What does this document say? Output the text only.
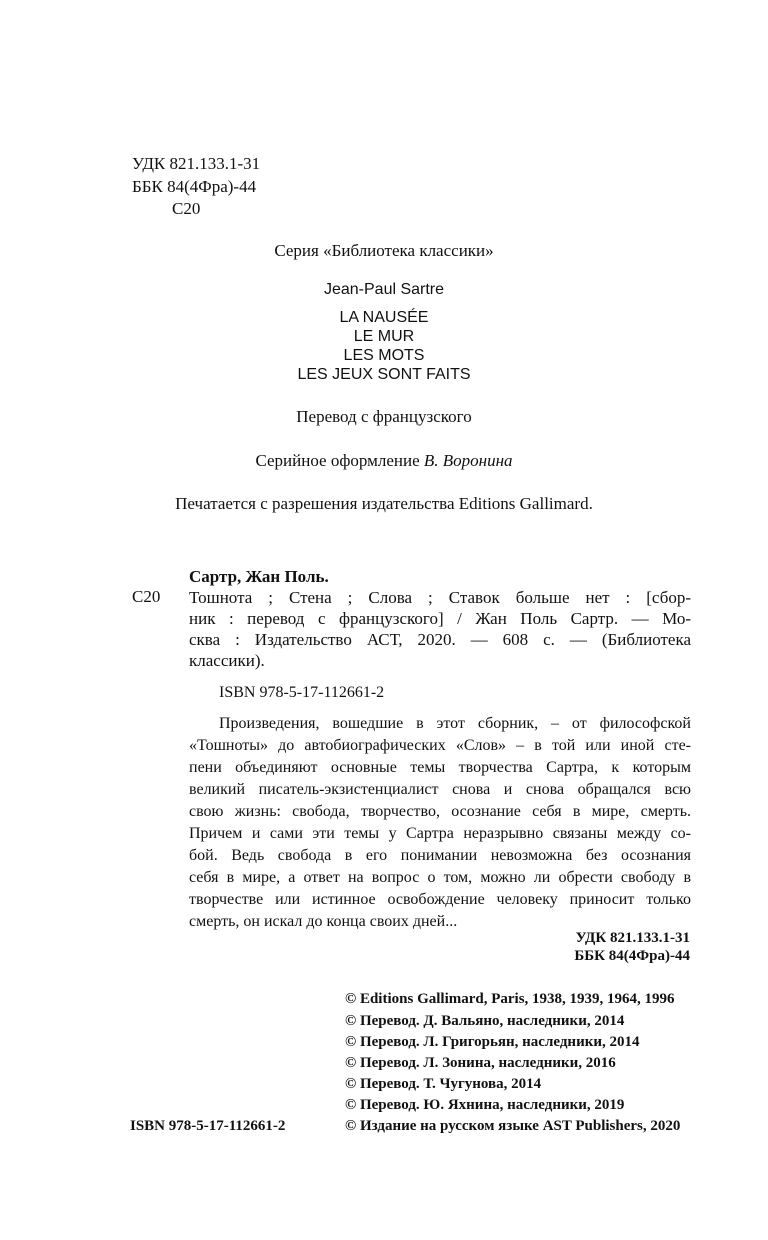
УДК 821.133.1-31
ББК 84(4Фра)-44
С20
Серия «Библиотека классики»
Jean-Paul Sartre
LA NAUSÉE
LE MUR
LES MOTS
LES JEUX SONT FAITS
Перевод с французского
Серийное оформление В. Воронина
Печатается с разрешения издательства Editions Gallimard.
Сартр, Жан Поль.
С20 Тошнота ; Стена ; Слова ; Ставок больше нет : [сбор-
ник : перевод с французского] / Жан Поль Сартр. — Мо-
сква : Издательство АСТ, 2020. — 608 с. — (Библиотека
классики).
ISBN 978-5-17-112661-2
Произведения, вошедшие в этот сборник, – от философской
«Тошноты» до автобиографических «Слов» – в той или иной сте-
пени объединяют основные темы творчества Сартра, к которым
великий писатель-экзистенциалист снова и снова обращался всю
свою жизнь: свобода, творчество, осознание себя в мире, смерть.
Причем и сами эти темы у Сартра неразрывно связаны между со-
бой. Ведь свобода в его понимании невозможна без осознания
себя в мире, а ответ на вопрос о том, можно ли обрести свободу в
творчестве или истинное освобождение человеку приносит только
смерть, он искал до конца своих дней...
УДК 821.133.1-31
ББК 84(4Фра)-44
© Editions Gallimard, Paris, 1938, 1939, 1964, 1996
© Перевод. Д. Вальяно, наследники, 2014
© Перевод. Л. Григорьян, наследники, 2014
© Перевод. Л. Зонина, наследники, 2016
© Перевод. Т. Чугунова, 2014
© Перевод. Ю. Яхнина, наследники, 2019
© Издание на русском языке AST Publishers, 2020
ISBN 978-5-17-112661-2
